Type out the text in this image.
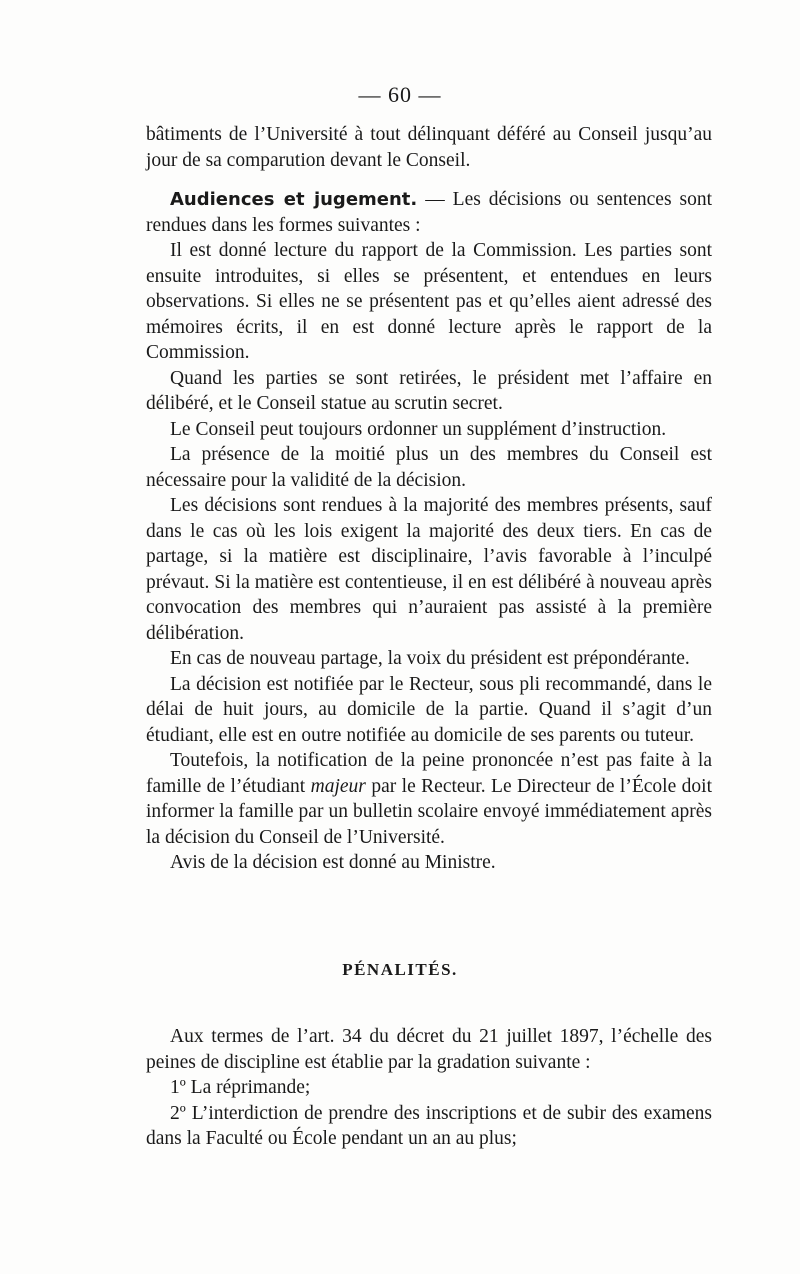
— 60 —

bâtiments de l’Université à tout délinquant déféré au Conseil jusqu’au jour de sa comparution devant le Conseil.

Audiences et jugement. — Les décisions ou sentences sont rendues dans les formes suivantes :

Il est donné lecture du rapport de la Commission. Les parties sont ensuite introduites, si elles se présentent, et entendues en leurs observations. Si elles ne se présentent pas et qu’elles aient adressé des mémoires écrits, il en est donné lecture après le rapport de la Commission.

Quand les parties se sont retirées, le président met l’affaire en délibéré, et le Conseil statue au scrutin secret.

Le Conseil peut toujours ordonner un supplément d’instruction.

La présence de la moitié plus un des membres du Conseil est nécessaire pour la validité de la décision.

Les décisions sont rendues à la majorité des membres présents, sauf dans le cas où les lois exigent la majorité des deux tiers. En cas de partage, si la matière est disciplinaire, l’avis favorable à l’inculpé prévaut. Si la matière est contentieuse, il en est délibéré à nouveau après convocation des membres qui n’auraient pas assisté à la première délibération.

En cas de nouveau partage, la voix du président est prépondérante.

La décision est notifiée par le Recteur, sous pli recommandé, dans le délai de huit jours, au domicile de la partie. Quand il s’agit d’un étudiant, elle est en outre notifiée au domicile de ses parents ou tuteur.

Toutefois, la notification de la peine prononcée n’est pas faite à la famille de l’étudiant majeur par le Recteur. Le Directeur de l’École doit informer la famille par un bulletin scolaire envoyé immédiatement après la décision du Conseil de l’Université.

Avis de la décision est donné au Ministre.

PÉNALITÉS.

Aux termes de l’art. 34 du décret du 21 juillet 1897, l’échelle des peines de discipline est établie par la gradation suivante :

1º La réprimande;

2º L’interdiction de prendre des inscriptions et de subir des examens dans la Faculté ou École pendant un an au plus;
